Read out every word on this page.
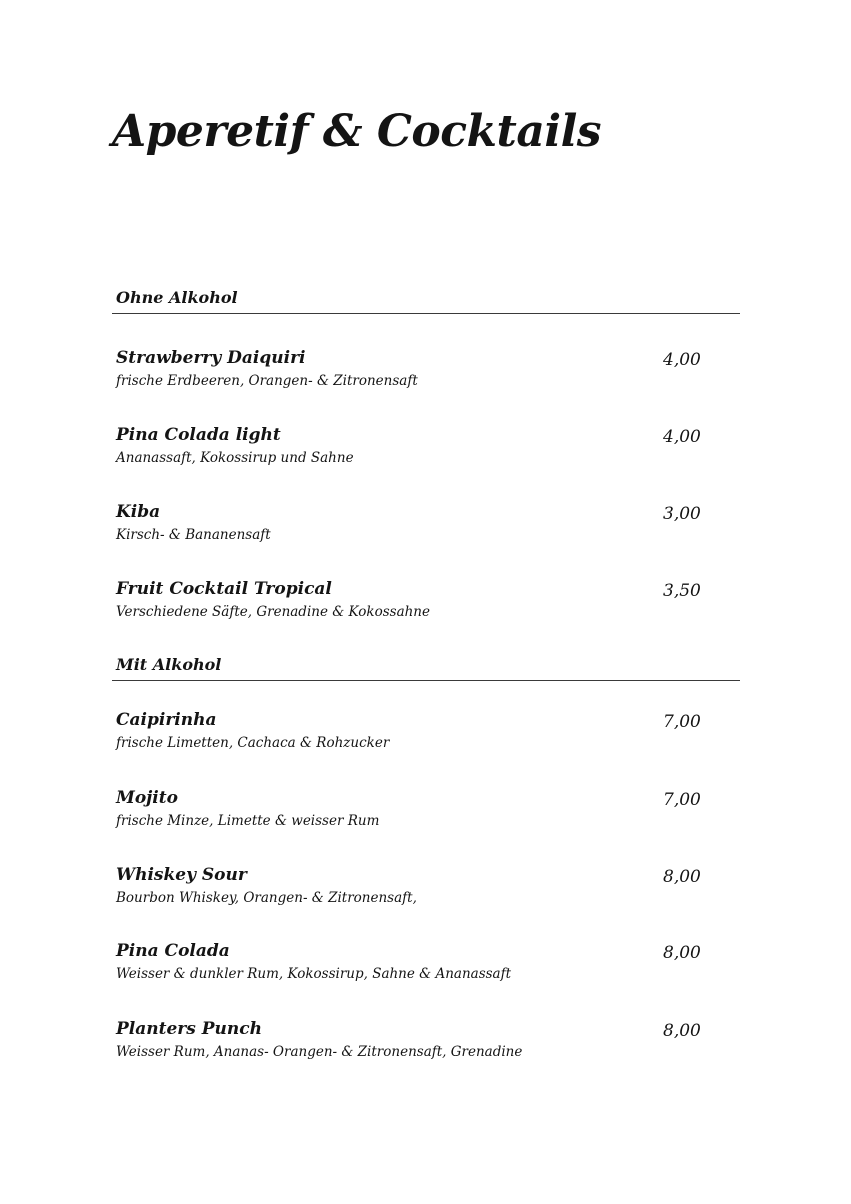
Aperetif & Cocktails
Ohne Alkohol
Strawberry Daiquiri
frische Erdbeeren, Orangen- & Zitronensaft
4,00
Pina Colada light
Ananassaft, Kokossirup und Sahne
4,00
Kiba
Kirsch- & Bananensaft
3,00
Fruit Cocktail Tropical
Verschiedene Säfte, Grenadine & Kokossahne
3,50
Mit Alkohol
Caipirinha
frische Limetten, Cachaca & Rohzucker
7,00
Mojito
frische Minze, Limette & weisser Rum
7,00
Whiskey Sour
Bourbon Whiskey, Orangen- & Zitronensaft,
8,00
Pina Colada
Weisser & dunkler Rum, Kokossirup, Sahne & Ananassaft
8,00
Planters Punch
Weisser Rum, Ananas- Orangen- & Zitronensaft, Grenadine
8,00
